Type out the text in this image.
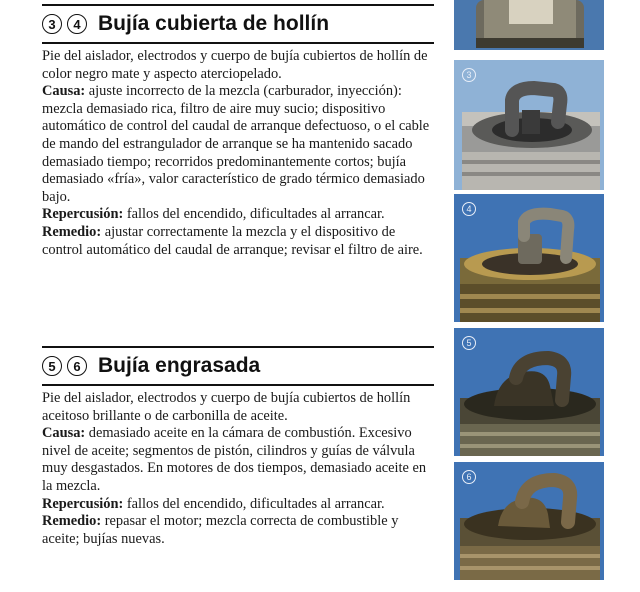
3	4 Bujía cubierta de hollín

Pie del aislador, electrodos y cuerpo de bujía cubiertos de hollín de color negro mate y aspecto aterciopelado.

Causa: ajuste incorrecto de la mezcla (carburador, inyección): mezcla demasiado rica, filtro de aire muy sucio; dispositivo automático de control del caudal de arranque defectuoso, o el cable de mando del estrangulador de arranque se ha mantenido sacado demasiado tiempo; recorridos predominantemente cortos; bujía demasiado «fría», valor característico de grado térmico demasiado bajo.

Repercusión: fallos del encendido, dificultades al arrancar.

Remedio: ajustar correctamente la mezcla y el dispositivo de control automático del caudal de arranque; revisar el filtro de aire.

5	6 Bujía engrasada

Pie del aislador, electrodos y cuerpo de bujía cubiertos de hollín aceitoso brillante o de carbonilla de aceite.

Causa: demasiado aceite en la cámara de combustión. Excesivo nivel de aceite; segmentos de pistón, cilindros y guías de válvula muy desgastados. En motores de dos tiempos, demasiado aceite en la mezcla.

Repercusión: fallos del encendido, dificultades al arrancar.

Remedio: repasar el motor; mezcla correcta de combustible y aceite; bujías nuevas.

3
4
5
6
